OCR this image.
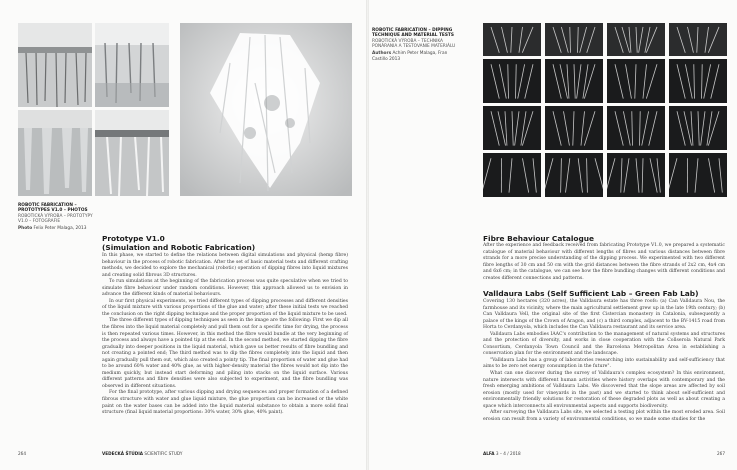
ROBOTIC FABRICATION – PROTOTYPES V1.0 – PHOTOS
ROBOTICKÁ VÝROBA – PROTOTYPY V1.0 – FOTOGRAFIE
Photo Felix Peter Malaga, 2013
Prototype V1.0
(Simulation and Robotic Fabrication)

In this phase, we started to define the relations between digital simulations and physical (hemp fibre) behaviour in the process of robotic fabrication. After the set of basic material tests and different crafting methods, we decided to explore the mechanical (robotic) operation of dipping fibres into liquid mixtures and creating solid fibrous 3D structures.

To run simulations at the beginning of the fabrication process was quite speculative when we tried to simulate fibre behaviour under random conditions. However, this approach allowed us to envision in advance the different kinds of material behaviours.

In our first physical experiments, we tried different types of dipping processes and different densities of the liquid mixture with various proportions of the glue and water; after these initial tests we reached the conclusion on the right dipping technique and the proper proportion of the liquid mixture to be used.

The three different types of dipping techniques as seen in the image are the following: First we dip all the fibres into the liquid material completely and pull them out for a specific time for drying, the process is then repeated various times. However, in this method the fibre would bundle at the very beginning of the process and always have a pointed tip at the end. In the second method, we started dipping the fibre gradually into deeper positions in the liquid material, which gave us better results of fibre bundling and not creating a pointed end; The third method was to dip the fibres completely into the liquid and then again gradually pull them out, which also created a pointy tip. The final proportion of water and glue had to be around 60% water and 40% glue, as with higher-density material the fibres would not dip into the medium quickly, but instead start deforming and piling into stacks on the liquid surface. Various different patterns and fibre densities were also subjected to experiment, and the fibre bundling was observed in different situations.

For the final prototype, after various dipping and drying sequences and proper formation of a defined fibrous structure with water and glue liquid mixture, the glue proportion can be increased or the white paint on the water bases can be added into the liquid material substance to obtain a more solid final structure (final liquid material proportions: 30% water, 30% glue, 40% paint).

264	VEDECKÁ ŠTÚDIA SCIENTIFIC STUDY
ROBOTIC FABRICATION – DIPPING TECHNIQUE AND MATERIAL TESTS
ROBOTICKÁ VÝROBA – TECHNIKA PONÁRANIA A TESTOVANIE MATERIÁLU
Authors Achim Peter Malaga, Fran Castillo 2013
Fibre Behaviour Catalogue

After the experience and feedback received from fabricating Prototype V1.0, we prepared a systematic catalogue of material behaviour with different lengths of fibres and various distances between fibre strands for a more precise understanding of the dipping process. We experimented with two different fibre lengths of 30 cm and 50 cm with the grid distances between the fibre strands of 2x2 cm, 4x4 cm and 6x6 cm; in the catalogue, we can see how the fibre bundling changes with different conditions and creates different connections and patterns.

Valldaura Labs (Self Sufficient Lab – Green Fab Lab)

Covering 130 hectares (320 acres), the Valldaura estate has three roofs: (a) Can Valldaura Nou, the farmhouse and its vicinity, where the main agricultural settlement grew up in the late 19th century; (b) Can Valldaura Vell, the original site of the first Cistercian monastery in Catalonia, subsequently a palace of the kings of the Crown of Aragon, and (c) a third complex, adjacent to the BV-1415 road from Horta to Cerdanyola, which includes the Can Valldaura restaurant and its service area.

Valldaura Labs embodies IAAC's contribution to the management of natural systems and structures and the protection of diversity, and works in close cooperation with the Collserola Natural Park Consortium, Cerdanyola Town Council and the Barcelona Metropolitan Area in establishing a conservation plan for the environment and the landscape.

"Valldaura Labs has a group of laboratories researching into sustainability and self-sufficiency that aims to be zero net energy consumption in the future".

What can one discover during the survey of Valldaura's complex ecosystem? In this environment, nature intersects with different human activities where history overlaps with contemporary and the fresh emerging ambitions of Valldaura Labs. We discovered that the slope areas are affected by soil erosion (mostly used for vineyards in the past) and we started to think about self-sufficient and environmentally friendly solutions for restoration of these degraded plots as well as about creating a space which interconnects all environmental aspects and supports biodiversity.

After surveying the Valldaura Labs site, we selected a testing plot within the most eroded area. Soil erosion can result from a variety of environmental conditions, so we made some studies for the

ALFA 3 – 4 / 2018	267
